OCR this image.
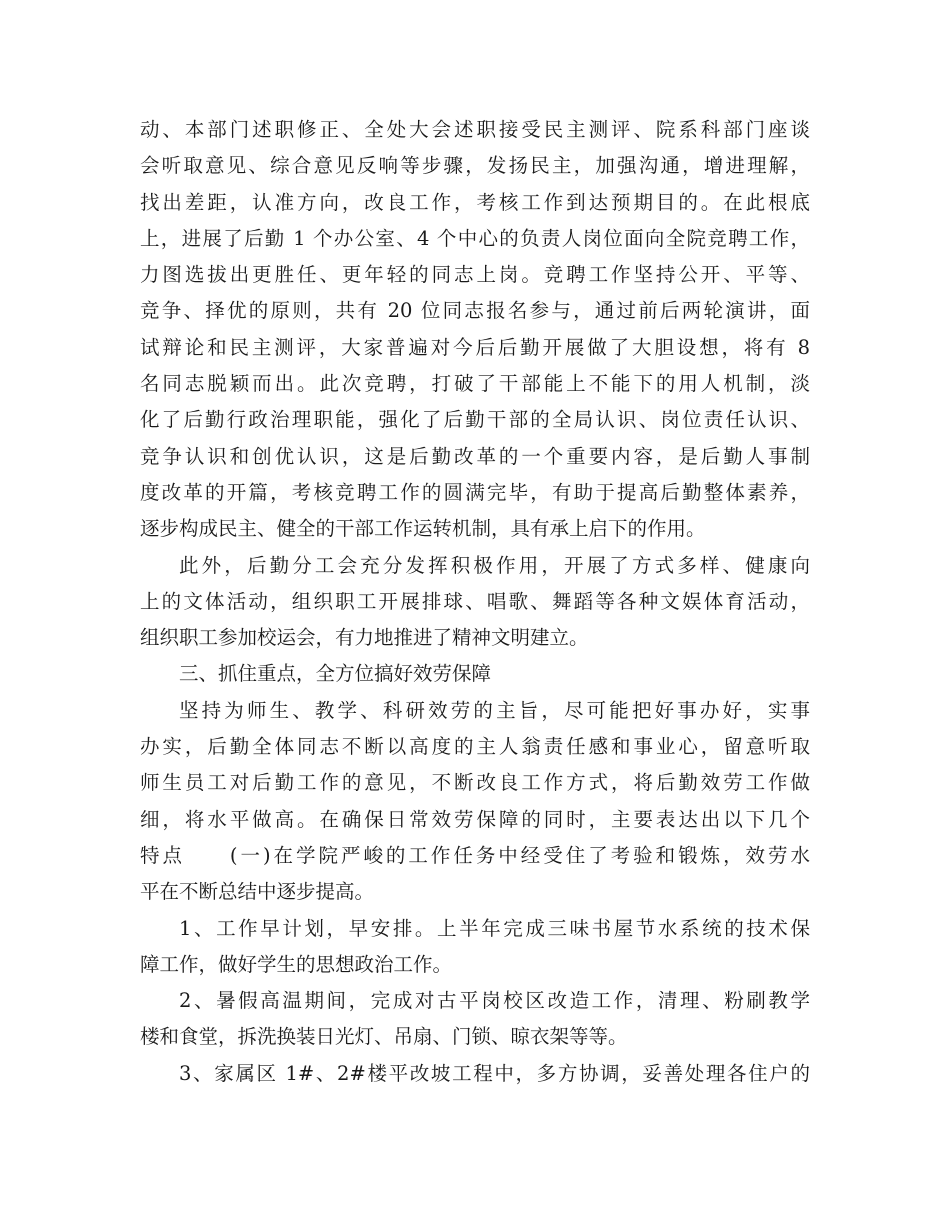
动、本部门述职修正、全处大会述职接受民主测评、院系科部门座谈
会听取意见、综合意见反响等步骤，发扬民主，加强沟通，增进理解，
找出差距，认准方向，改良工作，考核工作到达预期目的。在此根底
上，进展了后勤 1 个办公室、4 个中心的负责人岗位面向全院竞聘工作，
力图选拔出更胜任、更年轻的同志上岗。竞聘工作坚持公开、平等、
竞争、择优的原则，共有 20 位同志报名参与，通过前后两轮演讲，面
试辩论和民主测评，大家普遍对今后后勤开展做了大胆设想，将有 8
名同志脱颖而出。此次竞聘，打破了干部能上不能下的用人机制，淡
化了后勤行政治理职能，强化了后勤干部的全局认识、岗位责任认识、
竞争认识和创优认识，这是后勤改革的一个重要内容，是后勤人事制
度改革的开篇，考核竞聘工作的圆满完毕，有助于提高后勤整体素养，
逐步构成民主、健全的干部工作运转机制，具有承上启下的作用。
此外，后勤分工会充分发挥积极作用，开展了方式多样、健康向
上的文体活动，组织职工开展排球、唱歌、舞蹈等各种文娱体育活动，
组织职工参加校运会，有力地推进了精神文明建立。
三、抓住重点，全方位搞好效劳保障
坚持为师生、教学、科研效劳的主旨，尽可能把好事办好，实事
办实，后勤全体同志不断以高度的主人翁责任感和事业心，留意听取
师生员工对后勤工作的意见，不断改良工作方式，将后勤效劳工作做
细，将水平做高。在确保日常效劳保障的同时，主要表达出以下几个
特点　　(一)在学院严峻的工作任务中经受住了考验和锻炼，效劳水
平在不断总结中逐步提高。
1、工作早计划，早安排。上半年完成三味书屋节水系统的技术保
障工作，做好学生的思想政治工作。
2、暑假高温期间，完成对古平岗校区改造工作，清理、粉刷教学
楼和食堂，拆洗换装日光灯、吊扇、门锁、晾衣架等等。
3、家属区 1#、2#楼平改坡工程中，多方协调，妥善处理各住户的
